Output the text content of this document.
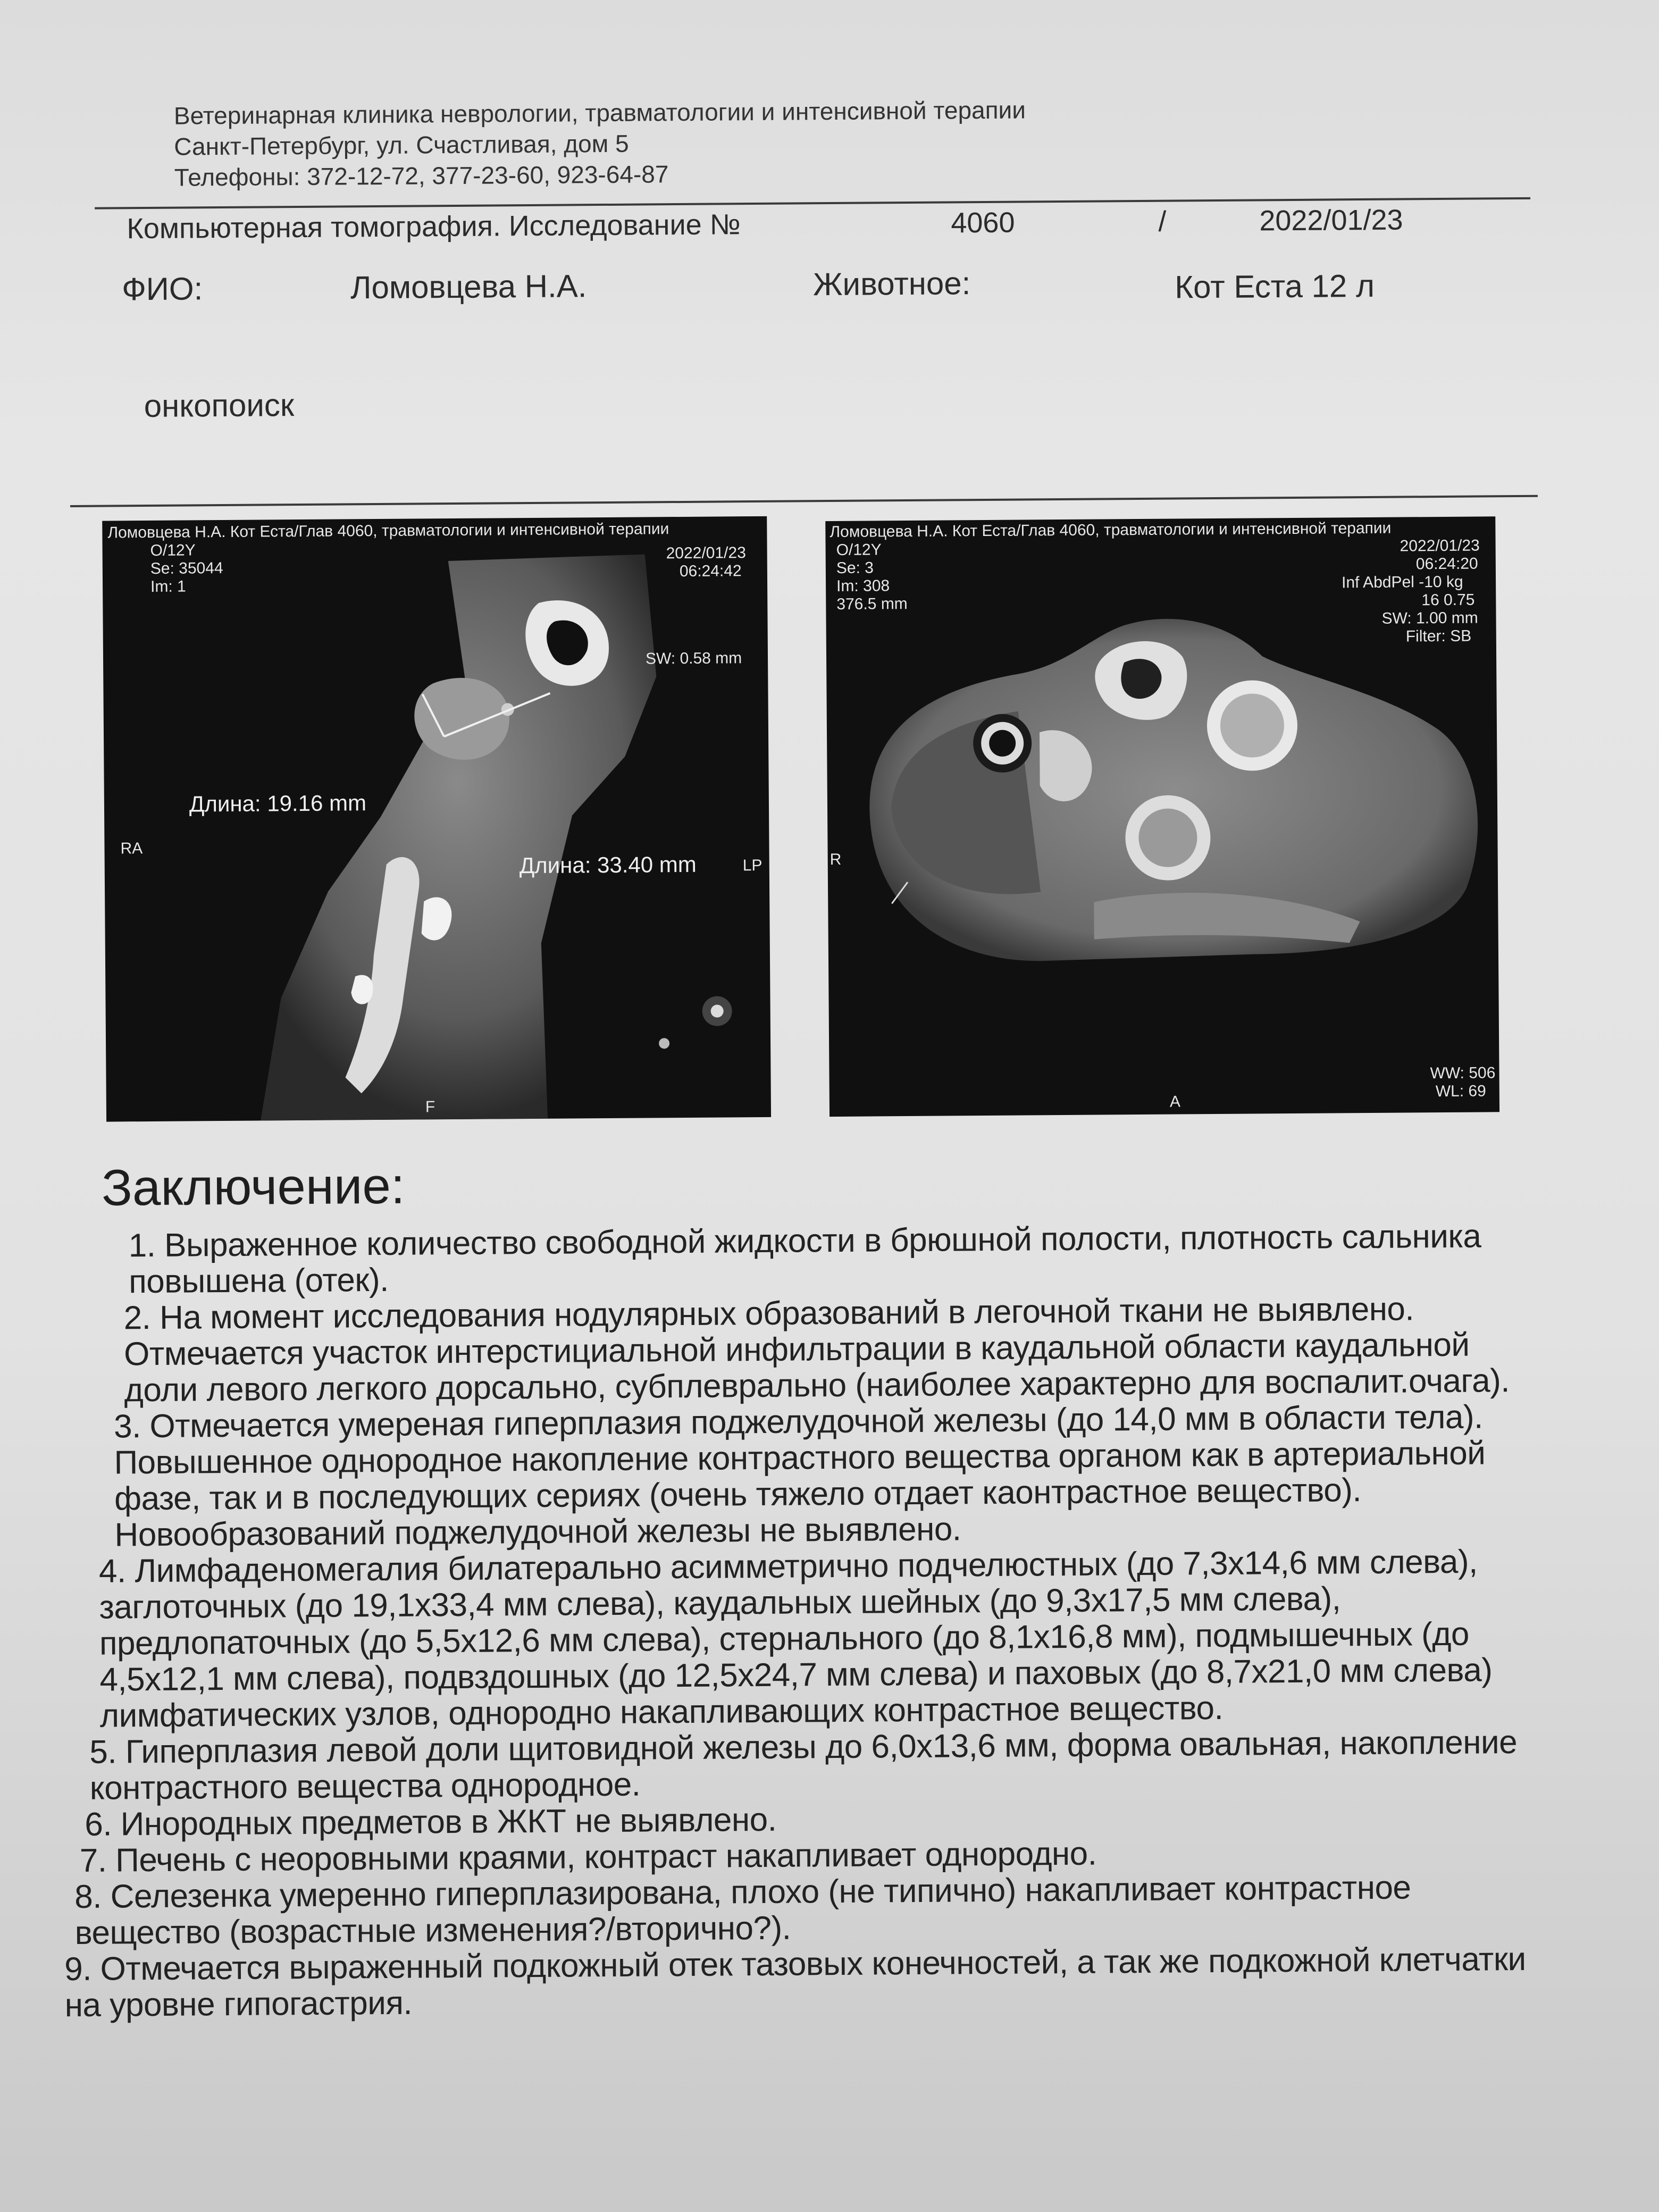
Ветеринарная клиника неврологии, травматологии и интенсивной терапии
Санкт-Петербург, ул. Счастливая, дом 5
Телефоны: 372-12-72, 377-23-60, 923-64-87
Компьютерная томография. Исследование №	4060	/	2022/01/23
ФИО:	Ломовцева Н.А.	Животное:	Кот Еста 12 л
онкопоиск
Ломовцева Н.А. Кот Еста/Глав 4060, травматологии и интенсивной терапии
O/12Y
Se: 35044
Im: 1
2022/01/23
06:24:42
SW: 0.58 mm
RA
LP
F
Длина: 19.16 mm
Длина: 33.40 mm
Ломовцева Н.А. Кот Еста/Глав 4060, травматологии и интенсивной терапии
O/12Y
Se: 3
Im: 308
376.5 mm
2022/01/23
06:24:20
Inf AbdPel -10 kg
16 0.75
SW: 1.00 mm
Filter: SB
R
A
WW: 506
WL: 69
Заключение:

1. Выраженное количество свободной жидкости в брюшной полости, плотность сальника повышена (отек).

2. На момент исследования нодулярных образований в легочной ткани не выявлено. Отмечается участок интерстициальной инфильтрации в каудальной области каудальной доли левого легкого дорсально, субплеврально (наиболее характерно для воспалит.очага).

3. Отмечается умереная гиперплазия поджелудочной железы (до 14,0 мм в области тела). Повышенное однородное накопление контрастного вещества органом как в артериальной фазе, так и в последующих сериях (очень тяжело отдает каонтрастное вещество). Новообразований поджелудочной железы не выявлено.

4. Лимфаденомегалия билатерально асимметрично подчелюстных (до 7,3х14,6 мм слева), заглоточных (до 19,1х33,4 мм слева), каудальных шейных (до 9,3х17,5 мм слева), предлопаточных (до 5,5х12,6 мм слева), стернального (до 8,1х16,8 мм), подмышечных (до 4,5х12,1 мм слева), подвздошных (до 12,5х24,7 мм слева) и паховых (до 8,7х21,0 мм слева) лимфатических узлов, однородно накапливающих контрастное вещество.

5. Гиперплазия левой доли щитовидной железы до 6,0х13,6 мм, форма овальная, накопление контрастного вещества однородное.

6. Инородных предметов в ЖКТ не выявлено.

7. Печень с неоровными краями, контраст накапливает однородно.

8. Селезенка умеренно гиперплазирована, плохо (не типично) накапливает контрастное вещество (возрастные изменения?/вторично?).

9. Отмечается выраженный подкожный отек тазовых конечностей, а так же подкожной клетчатки на уровне гипогастрия.
